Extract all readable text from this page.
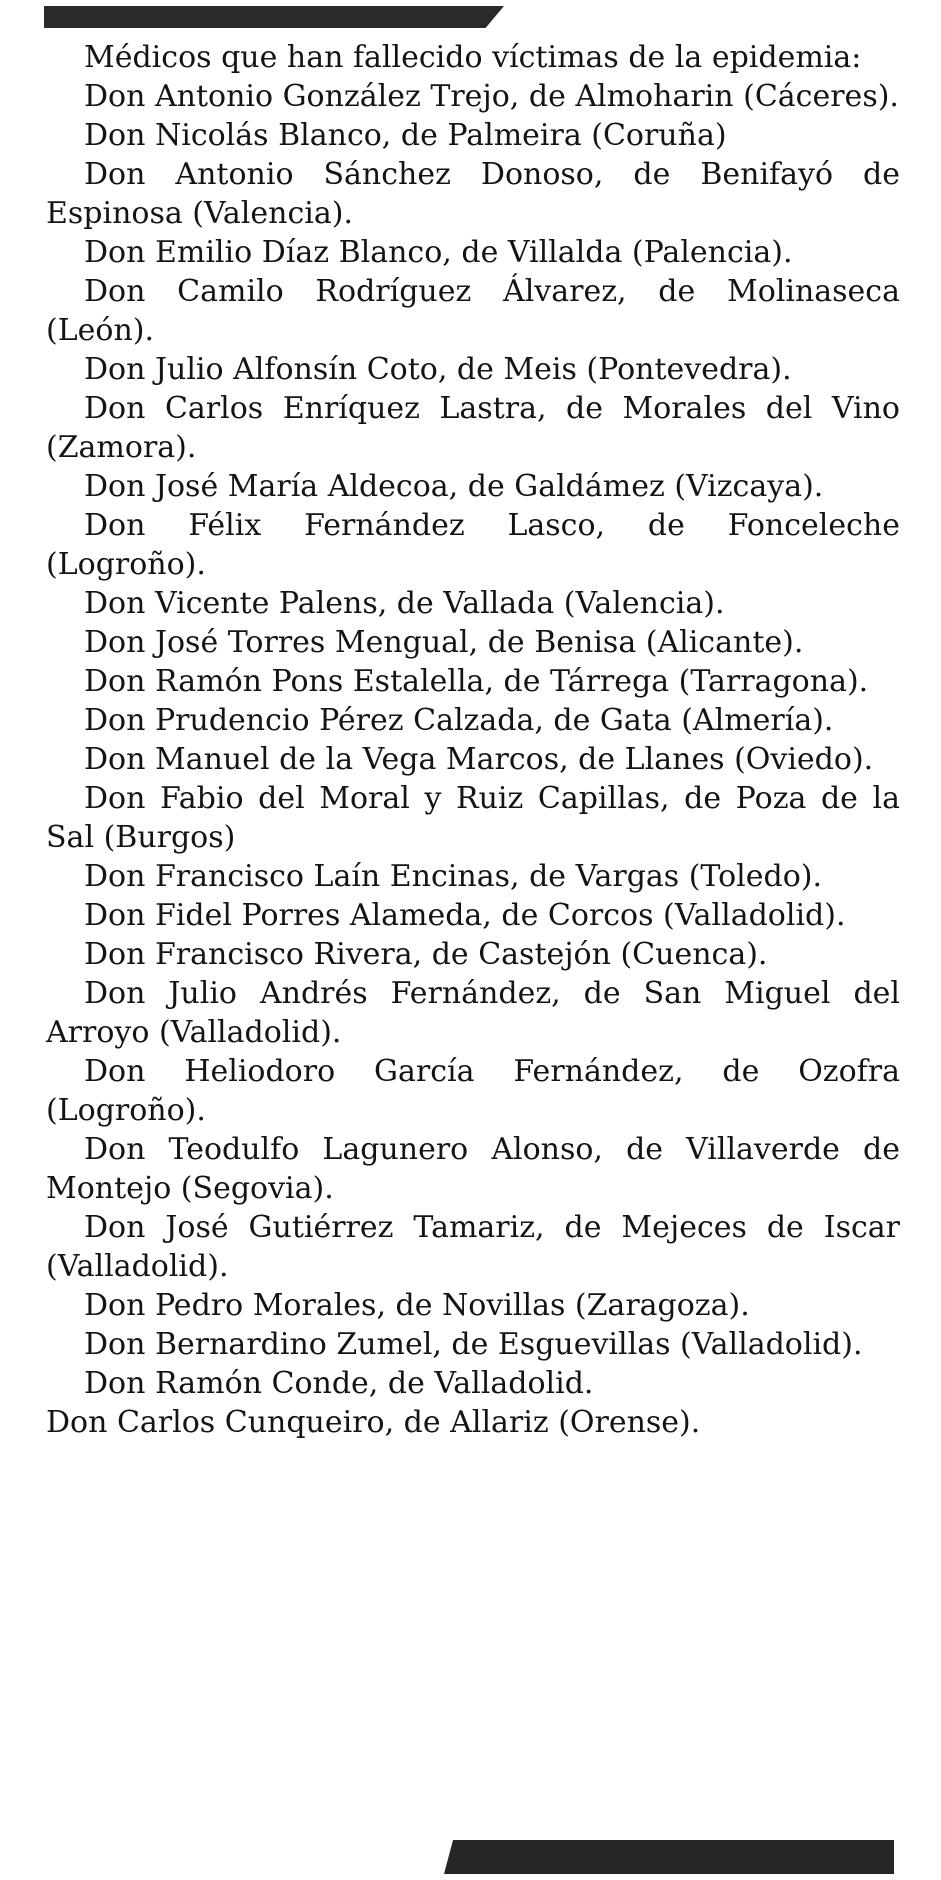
Médicos que han fallecido víctimas de la epidemia:

Don Antonio González Trejo, de Almoharin (Cáceres).

Don Nicolás Blanco, de Palmeira (Coruña)

Don Antonio Sánchez Donoso, de Benifayó de Espinosa (Valencia).

Don Emilio Díaz Blanco, de Villalda (Palencia).

Don Camilo Rodríguez Álvarez, de Molinaseca (León).

Don Julio Alfonsín Coto, de Meis (Pontevedra).

Don Carlos Enríquez Lastra, de Morales del Vino (Zamora).

Don José María Aldecoa, de Galdámez (Vizcaya).

Don Félix Fernández Lasco, de Fonceleche (Logroño).

Don Vicente Palens, de Vallada (Valencia).

Don José Torres Mengual, de Benisa (Alicante).

Don Ramón Pons Estalella, de Tárrega (Tarragona).

Don Prudencio Pérez Calzada, de Gata (Almería).

Don Manuel de la Vega Marcos, de Llanes (Oviedo).

Don Fabio del Moral y Ruiz Capillas, de Poza de la Sal (Burgos)

Don Francisco Laín Encinas, de Vargas (Toledo).

Don Fidel Porres Alameda, de Corcos (Valladolid).

Don Francisco Rivera, de Castejón (Cuenca).

Don Julio Andrés Fernández, de San Miguel del Arroyo (Valladolid).

Don Heliodoro García Fernández, de Ozofra (Logroño).

Don Teodulfo Lagunero Alonso, de Villaverde de Montejo (Segovia).

Don José Gutiérrez Tamariz, de Mejeces de Iscar (Valladolid).

Don Pedro Morales, de Novillas (Zaragoza).

Don Bernardino Zumel, de Esguevillas (Valladolid).

Don Ramón Conde, de Valladolid.

Don Carlos Cunqueiro, de Allariz (Orense).
